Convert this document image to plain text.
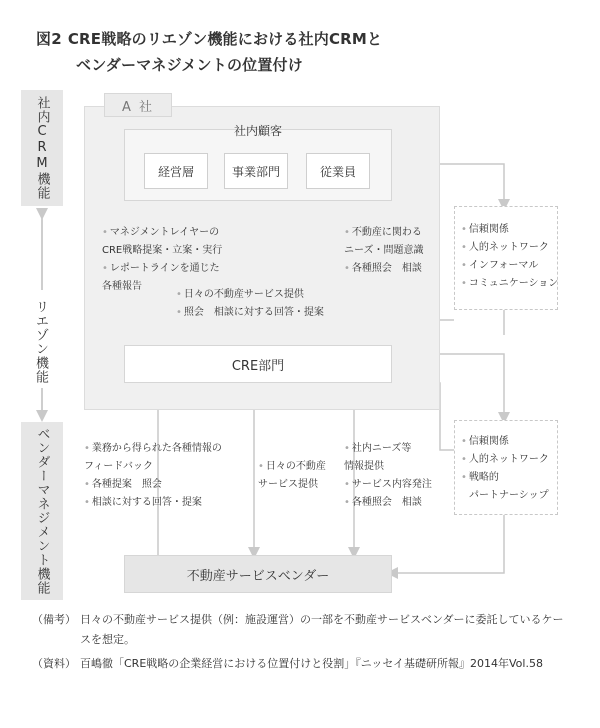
図2 CRE戦略のリエゾン機能における社内CRMと
ベンダーマネジメントの位置付け
社内CRM機能
リエゾン機能
ベンダーマネジメント機能
A 社
社内顧客
経営層	事業部門	従業員
• マネジメントレイヤーの
CRE戦略提案・立案・実行
• レポートラインを通じた
各種報告
• 日々の不動産サービス提供
• 照会　相談に対する回答・提案
• 不動産に関わる
ニーズ・問題意識
• 各種照会　相談
CRE部門
• 信頼関係
• 人的ネットワーク
• インフォーマル
• コミュニケーション
• 信頼関係
• 人的ネットワーク
• 戦略的
パートナーシップ
• 業務から得られた各種情報の
フィードバック
• 各種提案　照会
• 相談に対する回答・提案
• 日々の不動産
サービス提供
• 社内ニーズ等
情報提供
• サービス内容発注
• 各種照会　相談
不動産サービスベンダー
（備考） 日々の不動産サービス提供（例：施設運営）の一部を不動産サービスベンダーに委託しているケースを想定。
（資料） 百嶋徹「CRE戦略の企業経営における位置付けと役割」『ニッセイ基礎研所報』2014年Vol.58
